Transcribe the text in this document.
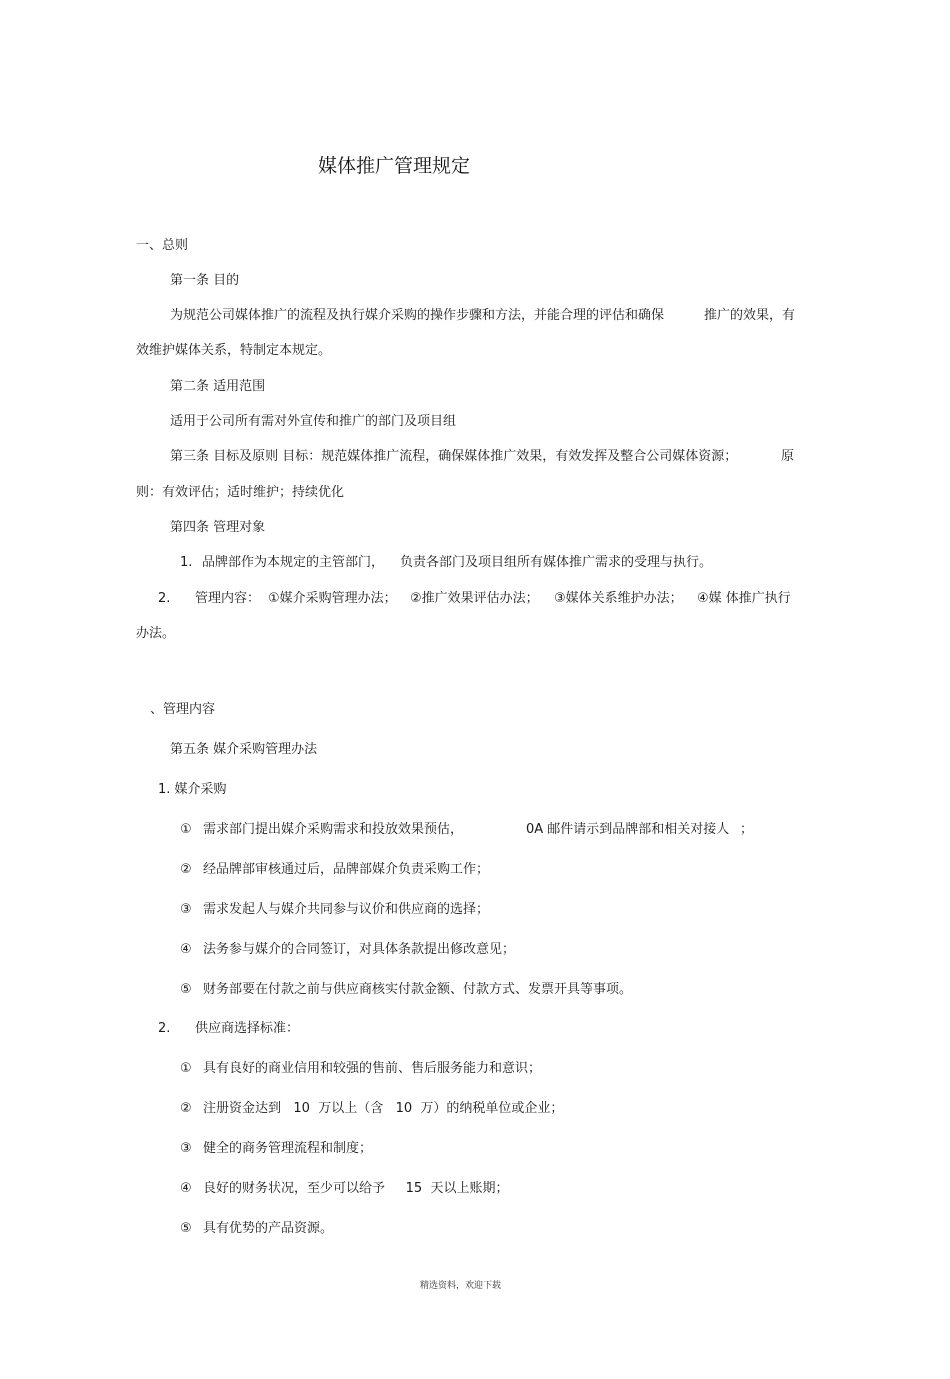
媒体推广管理规定
一、总则
第一条 目的
为规范公司媒体推广的流程及执行媒介采购的操作步骤和方法，并能合理的评估和确保	推广的效果，有
效维护媒体关系，特制定本规定。
第二条 适用范围
适用于公司所有需对外宣传和推广的部门及项目组
第三条 目标及原则 目标：规范媒体推广流程，确保媒体推广效果，有效发挥及整合公司媒体资源；	原
则：有效评估；适时维护；持续优化
第四条 管理对象
1. 品牌部作为本规定的主管部门， 负责各部门及项目组所有媒体推广需求的受理与执行。
2. 管理内容： ①媒介采购管理办法； ②推广效果评估办法； ③媒体关系维护办法； ④媒 体推广执行
办法。
、管理内容
第五条 媒介采购管理办法
1. 媒介采购
① 需求部门提出媒介采购需求和投放效果预估，	0A 邮件请示到品牌部和相关对接人 ；
② 经品牌部审核通过后，品牌部媒介负责采购工作；
③ 需求发起人与媒介共同参与议价和供应商的选择；
④ 法务参与媒介的合同签订，对具体条款提出修改意见；
⑤ 财务部要在付款之前与供应商核实付款金额、付款方式、发票开具等事项。
2. 供应商选择标准：
① 具有良好的商业信用和较强的售前、售后服务能力和意识；
② 注册资金达到   10  万以上（含   10  万）的纳税单位或企业；
③ 健全的商务管理流程和制度；
④ 良好的财务状况，至少可以给予     15  天以上账期；
⑤ 具有优势的产品资源。
精选资料，欢迎下载
